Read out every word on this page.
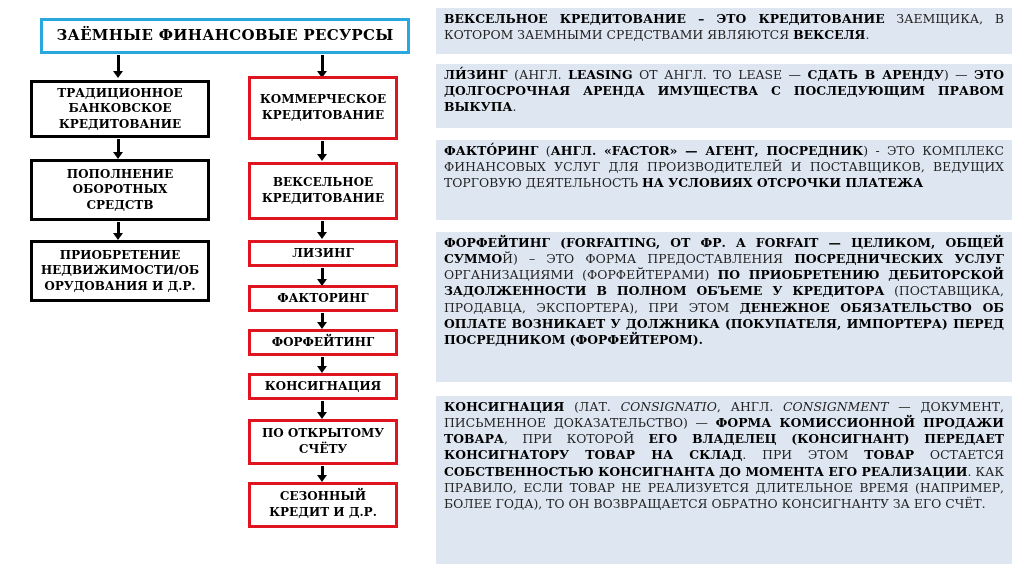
ЗАЁМНЫЕ ФИНАНСОВЫЕ РЕСУРСЫ
ТРАДИЦИОННОЕ БАНКОВСКОЕ КРЕДИТОВАНИЕ
ПОПОЛНЕНИЕ ОБОРОТНЫХ СРЕДСТВ
ПРИОБРЕТЕНИЕ НЕДВИЖИМОСТИ/ОБ ОРУДОВАНИЯ И Д.Р.
КОММЕРЧЕСКОЕ КРЕДИТОВАНИЕ
ВЕКСЕЛЬНОЕ КРЕДИТОВАНИЕ
ЛИЗИНГ
ФАКТОРИНГ
ФОРФЕЙТИНГ
КОНСИГНАЦИЯ
ПО ОТКРЫТОМУ СЧЁТУ
СЕЗОННЫЙ КРЕДИТ И Д.Р.
ВЕКСЕЛЬНОЕ КРЕДИТОВАНИЕ – ЭТО КРЕДИТОВАНИЕ ЗАЕМЩИКА, В КОТОРОМ ЗАЕМНЫМИ СРЕДСТВАМИ ЯВЛЯЮТСЯ ВЕКСЕЛЯ.
ЛИ́ЗИНГ (АНГЛ. LEASING ОТ АНГЛ. TO LEASE — СДАТЬ В АРЕНДУ) — ЭТО ДОЛГОСРОЧНАЯ АРЕНДА ИМУЩЕСТВА С ПОСЛЕДУЮЩИМ ПРАВОМ ВЫКУПА.
ФАКТО́РИНГ (АНГЛ. «FACTOR» — АГЕНТ, ПОСРЕДНИК) - ЭТО КОМПЛЕКС ФИНАНСОВЫХ УСЛУГ ДЛЯ ПРОИЗВОДИТЕЛЕЙ И ПОСТАВЩИКОВ, ВЕДУЩИХ ТОРГОВУЮ ДЕЯТЕЛЬНОСТЬ НА УСЛОВИЯХ ОТСРОЧКИ ПЛАТЕЖА
ФОРФЕЙТИНГ (FORFAITING, ОТ ФР. A FORFAIT — ЦЕЛИКОМ, ОБЩЕЙ СУММОЙ) – ЭТО ФОРМА ПРЕДОСТАВЛЕНИЯ ПОСРЕДНИЧЕСКИХ УСЛУГ ОРГАНИЗАЦИЯМИ (ФОРФЕЙТЕРАМИ) ПО ПРИОБРЕТЕНИЮ ДЕБИТОРСКОЙ ЗАДОЛЖЕННОСТИ В ПОЛНОМ ОБЪЕМЕ У КРЕДИТОРА (ПОСТАВЩИКА, ПРОДАВЦА, ЭКСПОРТЕРА), ПРИ ЭТОМ ДЕНЕЖНОЕ ОБЯЗАТЕЛЬСТВО ОБ ОПЛАТЕ ВОЗНИКАЕТ У ДОЛЖНИКА (ПОКУПАТЕЛЯ, ИМПОРТЕРА) ПЕРЕД ПОСРЕДНИКОМ (ФОРФЕЙТЕРОМ).
КОНСИГНАЦИЯ (ЛАТ. CONSIGNATIO, АНГЛ. CONSIGNMENT — ДОКУМЕНТ, ПИСЬМЕННОЕ ДОКАЗАТЕЛЬСТВО) — ФОРМА КОМИССИОННОЙ ПРОДАЖИ ТОВАРА, ПРИ КОТОРОЙ ЕГО ВЛАДЕЛЕЦ (КОНСИГНАНТ) ПЕРЕДАЕТ КОНСИГНАТОРУ ТОВАР НА СКЛАД. ПРИ ЭТОМ ТОВАР ОСТАЕТСЯ СОБСТВЕННОСТЬЮ КОНСИГНАНТА ДО МОМЕНТА ЕГО РЕАЛИЗАЦИИ. КАК ПРАВИЛО, ЕСЛИ ТОВАР НЕ РЕАЛИЗУЕТСЯ ДЛИТЕЛЬНОЕ ВРЕМЯ (НАПРИМЕР, БОЛЕЕ ГОДА), ТО ОН ВОЗВРАЩАЕТСЯ ОБРАТНО КОНСИГНАНТУ ЗА ЕГО СЧЁТ.
